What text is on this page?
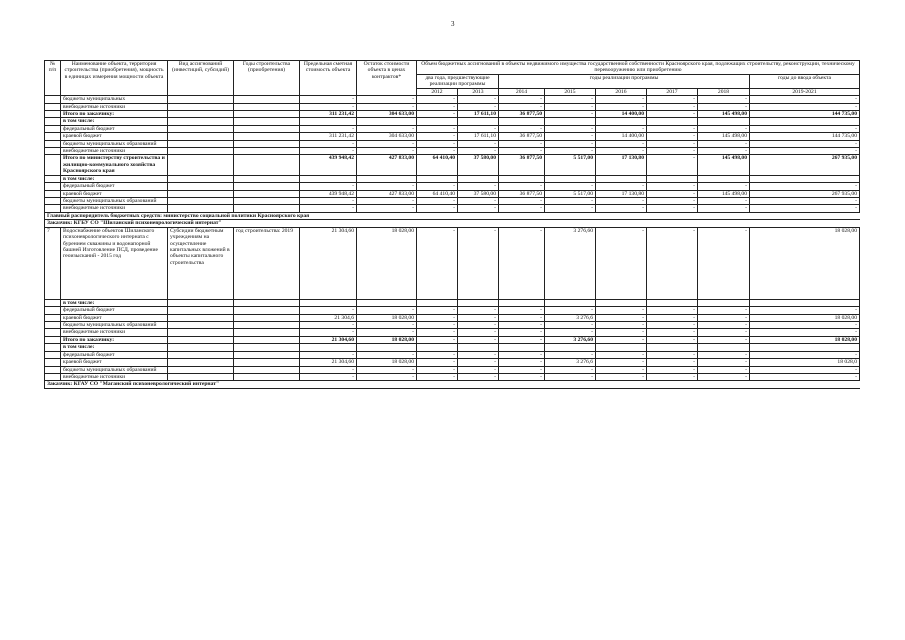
3
№ п/п	Наименование объекта, территория строительства (приобретения), мощность в единицах измерения мощности объекта	Вид ассигнований (инвестиций, субсидий)	Годы строительства (приобретения)	Предельная сметная стоимость объекта	Остаток стоимости объекта в ценах контрактов*	Объем бюджетных ассигнований в объекты недвижимого имущества государственной собственности Красноярского края, подлежащих строительству, реконструкции, техническому перевооружению или приобретению							
						два года, предшествующие реализации программы		годы реализации программы					годы до ввода объекта
						2012	2013	2014	2015	2016	2017	2018	2019-2021
	бюджеты муниципальных			-	-	-	-	-	-	-	-	-	-
	внебюджетные источники			-	-	-	-	-	-	-	-	-	-
	Итого по заказчику:			311 231,42	304 633,00	-	17 611,10	36 877,50	-	14 400,00	-	145 498,00	144 735,00
	в том числе:												
	федеральный бюджет			-	-	-	-	-	-	-	-	-	-
	краевой бюджет			311 231,42	304 633,00	-	17 611,10	36 877,50	-	14 400,00	-	145 498,00	144 735,00
	бюджеты муниципальных образований			-	-	-	-	-	-	-	-	-	-
	внебюджетные источники			-	-	-	-	-	-	-	-	-	-
	Итого по министерству строительства и жилищно-коммунального хозяйства Красноярского края			439 948,42	427 833,00	64 410,40	37 580,00	36 877,50	5 517,00	17 130,80	-	145 498,00	267 935,00
	в том числе:												
	федеральный бюджет			-	-	-	-	-	-	-	-	-	-
	краевой бюджет			439 948,42	427 833,00	64 410,40	37 580,00	36 877,50	5 517,00	17 130,80	-	145 498,00	267 935,00
	бюджеты муниципальных образований			-	-	-	-	-	-	-	-	-	-
	внебюджетные источники			-	-	-	-	-	-	-	-	-	-
Главный распорядитель бюджетных средств: министерство социальной политики Красноярского края													
Заказчик: КГБУ СО "Шиланский психоневрологический интернат"													
7	Водоснабжение объектов Шиланского психоневрологического интерната с бурением скважины и водонапорной башней Изготовление ПСД, проведение геоизысканий - 2015 год	Субсидии бюджетным учреждениям на осуществление капитальных вложений в объекты капитального строительства	год строительства: 2019	21 304,60	18 028,00	-	-	-	3 276,60	-	-	-	18 028,00
	в том числе:												
	федеральный бюджет			-	-	-	-	-	-	-	-	-	-
	краевой бюджет			21 304,6	18 028,00	-	-	-	3 276,6	-	-	-	18 028,00
	бюджеты муниципальных образований			-	-	-	-	-	-	-	-	-	-
	внебюджетные источники			-	-	-	-	-	-	-	-	-	-
	Итого по заказчику:			21 304,60	18 028,00	-	-	-	3 276,60	-	-	-	18 028,00
	в том числе:												
	федеральный бюджет			-	-	-	-	-	-	-	-	-	-
	краевой бюджет			21 304,60	18 028,00	-	-	-	3 276,6	-	-	-	18 028,0
	бюджеты муниципальных образований			-	-	-	-	-	-	-	-	-	-
	внебюджетные источники			-	-	-	-	-	-	-	-	-	-
Заказчик: КГАУ СО "Маганский психоневрологический интернат"													
